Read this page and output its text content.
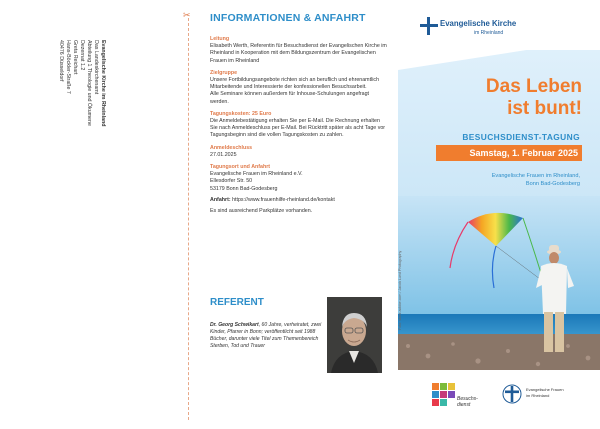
Evangelische Kirche im Rheinland
Das Landeskirchenamt
Abteilung 1 Theologie und Ökumene
Dezernat 1.2
Greta Reichart
Hans-Böckler-Straße 7
40476 Düsseldorf
✂ INFORMATIONEN & ANFAHRT

Leitung

Elisabeth Werth, Referentin für Besuchsdienst der Evangelischen Kirche im Rheinland in Kooperation mit dem Bildungszentrum der Evangelischen Frauen im Rheinland

Zielgruppe

Unsere Fortbildungsangebote richten sich an beruflich und ehrenamtlich Mitarbeitende und Interessierte der konfessionellen Besuchsarbeit.

Alle Seminare können außerdem für Inhouse-Schulungen angefragt werden.

Tagungskosten: 25 Euro

Die Anmeldebestätigung erhalten Sie per E-Mail. Die Rechnung erhalten Sie nach Anmeldeschluss per E-Mail. Bei Rücktritt später als acht Tage vor Tagungsbeginn sind die vollen Tagungskosten zu zahlen.

Anmeldeschluss

27.01.2025

Tagungsort und Anfahrt

Evangelische Frauen im Rheinland e.V.

Ellesdorfer Str. 50

53179 Bonn Bad-Godesberg

Anfahrt: https://www.frauenhilfe-rheinland.de/kontakt

Es sind ausreichend Parkplätze vorhanden.

REFERENT
Dr. Georg Schwikart, 60 Jahre, verheiratet, zwei Kinder, Pfarrer in Bonn; veröffentlicht seit 1988 Bücher, darunter viele Titel zum Themenbereich Sterben, Tod und Trauer
Evangelische Kirche
im Rheinland
Das Leben
ist bunt!
BESUCHSDIENST-TAGUNG
Samstag, 1. Februar 2025
Evangelische Frauen im Rheinland,
Bonn Bad-Godesberg
Foto: stock.adobe.com / Jacob Lund Photography
Besuchs-
dienst
Evangelische Frauen
im Rheinland
